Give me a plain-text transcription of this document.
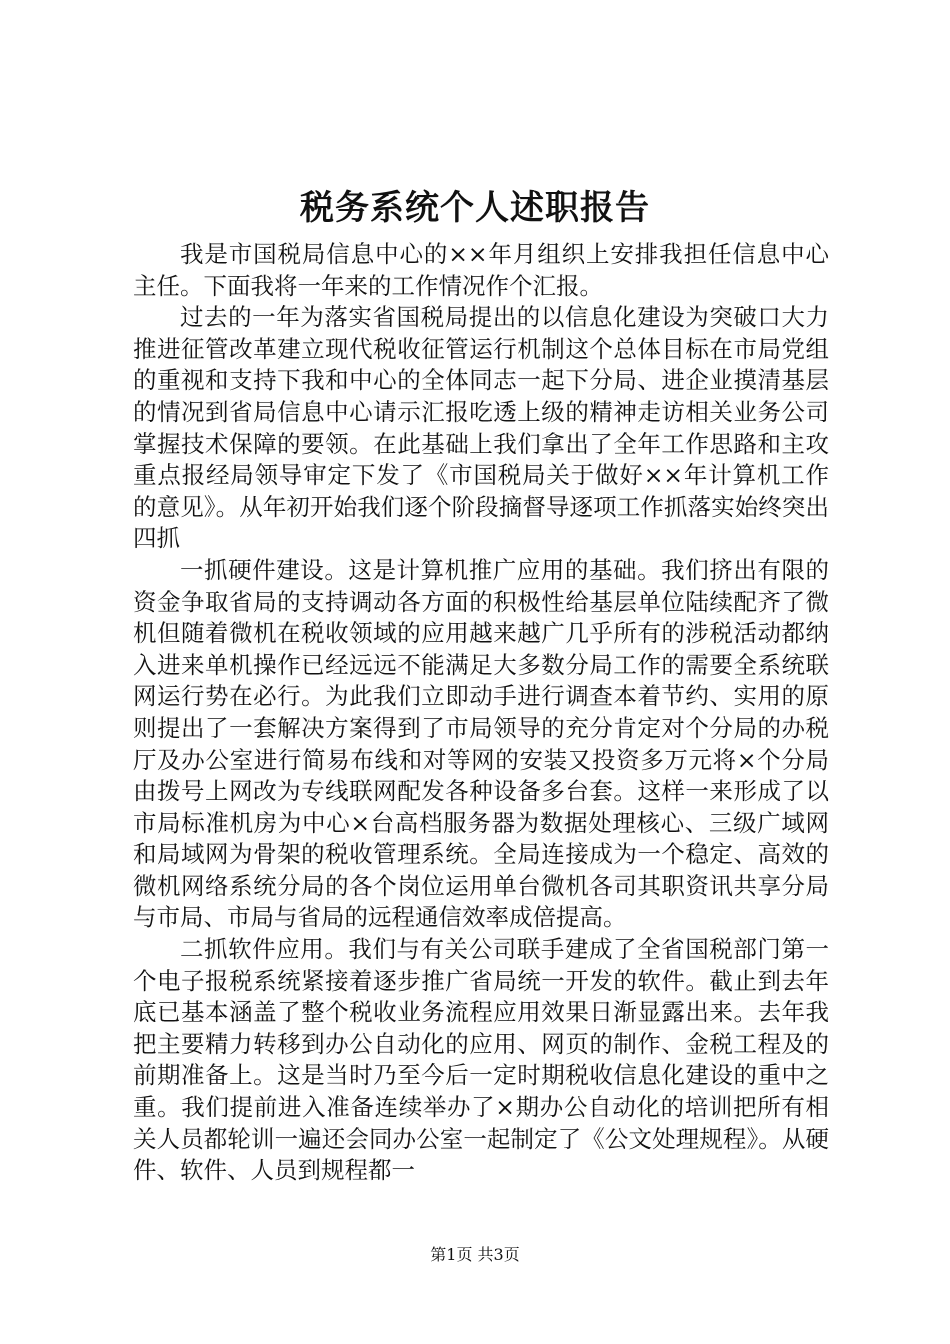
税务系统个人述职报告

我是市国税局信息中心的××年月组织上安排我担任信息中心主任。下面我将一年来的工作情况作个汇报。

过去的一年为落实省国税局提出的以信息化建设为突破口大力推进征管改革建立现代税收征管运行机制这个总体目标在市局党组的重视和支持下我和中心的全体同志一起下分局、进企业摸清基层的情况到省局信息中心请示汇报吃透上级的精神走访相关业务公司掌握技术保障的要领。在此基础上我们拿出了全年工作思路和主攻重点报经局领导审定下发了《市国税局关于做好××年计算机工作的意见》。从年初开始我们逐个阶段摘督导逐项工作抓落实始终突出四抓

一抓硬件建设。这是计算机推广应用的基础。我们挤出有限的资金争取省局的支持调动各方面的积极性给基层单位陆续配齐了微机但随着微机在税收领域的应用越来越广几乎所有的涉税活动都纳入进来单机操作已经远远不能满足大多数分局工作的需要全系统联网运行势在必行。为此我们立即动手进行调查本着节约、实用的原则提出了一套解决方案得到了市局领导的充分肯定对个分局的办税厅及办公室进行简易布线和对等网的安装又投资多万元将×个分局由拨号上网改为专线联网配发各种设备多台套。这样一来形成了以市局标准机房为中心×台高档服务器为数据处理核心、三级广域网和局域网为骨架的税收管理系统。全局连接成为一个稳定、高效的微机网络系统分局的各个岗位运用单台微机各司其职资讯共享分局与市局、市局与省局的远程通信效率成倍提高。

二抓软件应用。我们与有关公司联手建成了全省国税部门第一个电子报税系统紧接着逐步推广省局统一开发的软件。截止到去年底已基本涵盖了整个税收业务流程应用效果日渐显露出来。去年我把主要精力转移到办公自动化的应用、网页的制作、金税工程及的前期准备上。这是当时乃至今后一定时期税收信息化建设的重中之重。我们提前进入准备连续举办了×期办公自动化的培训把所有相关人员都轮训一遍还会同办公室一起制定了《公文处理规程》。从硬件、软件、人员到规程都一

第1页 共3页
